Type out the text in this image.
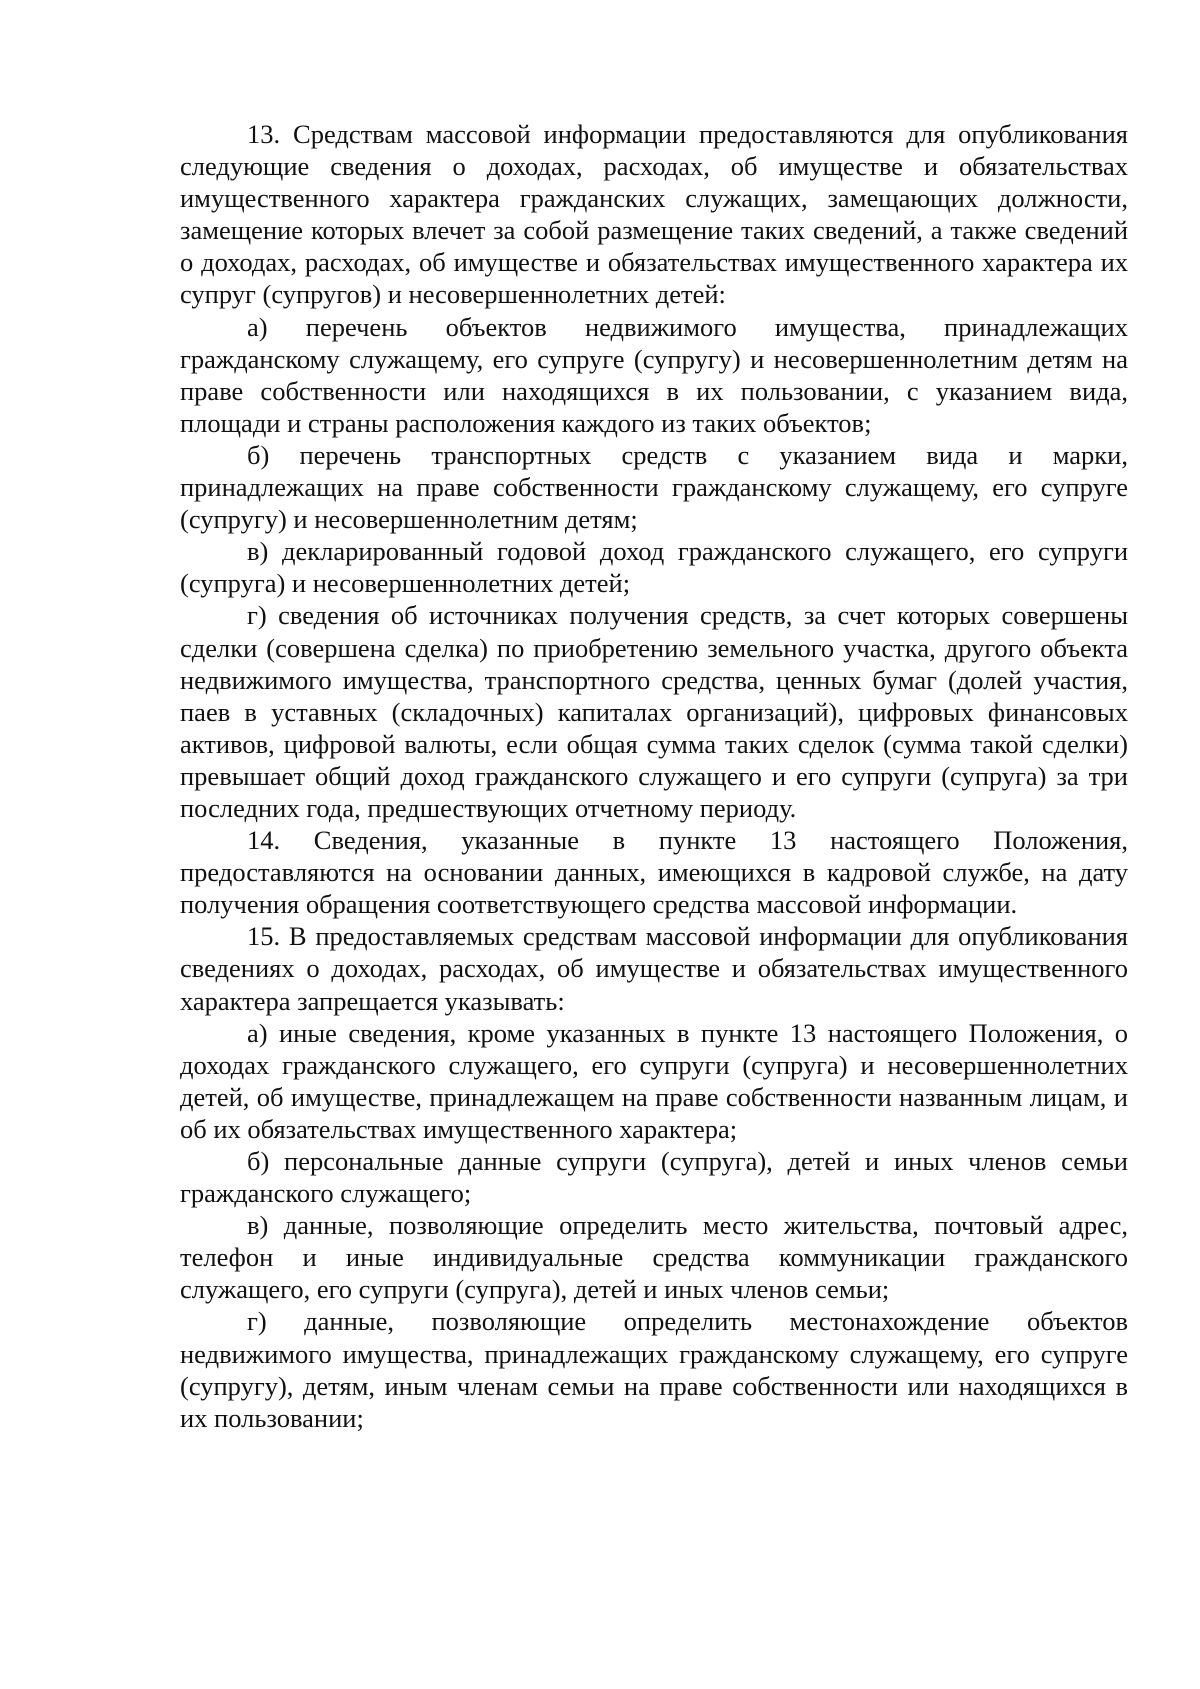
13. Средствам массовой информации предоставляются для опубликования следующие сведения о доходах, расходах, об имуществе и обязательствах имущественного характера гражданских служащих, замещающих должности, замещение которых влечет за собой размещение таких сведений, а также сведений о доходах, расходах, об имуществе и обязательствах имущественного характера их супруг (супругов) и несовершеннолетних детей:

а) перечень объектов недвижимого имущества, принадлежащих гражданскому служащему, его супруге (супругу) и несовершеннолетним детям на праве собственности или находящихся в их пользовании, с указанием вида, площади и страны расположения каждого из таких объектов;

б) перечень транспортных средств с указанием вида и марки, принадлежащих на праве собственности гражданскому служащему, его супруге (супругу) и несовершеннолетним детям;

в) декларированный годовой доход гражданского служащего, его супруги (супруга) и несовершеннолетних детей;

г) сведения об источниках получения средств, за счет которых совершены сделки (совершена сделка) по приобретению земельного участка, другого объекта недвижимого имущества, транспортного средства, ценных бумаг (долей участия, паев в уставных (складочных) капиталах организаций), цифровых финансовых активов, цифровой валюты, если общая сумма таких сделок (сумма такой сделки) превышает общий доход гражданского служащего и его супруги (супруга) за три последних года, предшествующих отчетному периоду.

14. Сведения, указанные в пункте 13 настоящего Положения, предоставляются на основании данных, имеющихся в кадровой службе, на дату получения обращения соответствующего средства массовой информации.

15. В предоставляемых средствам массовой информации для опубликования сведениях о доходах, расходах, об имуществе и обязательствах имущественного характера запрещается указывать:

а) иные сведения, кроме указанных в пункте 13 настоящего Положения, о доходах гражданского служащего, его супруги (супруга) и несовершеннолетних детей, об имуществе, принадлежащем на праве собственности названным лицам, и об их обязательствах имущественного характера;

б) персональные данные супруги (супруга), детей и иных членов семьи гражданского служащего;

в) данные, позволяющие определить место жительства, почтовый адрес, телефон и иные индивидуальные средства коммуникации гражданского служащего, его супруги (супруга), детей и иных членов семьи;

г) данные, позволяющие определить местонахождение объектов недвижимого имущества, принадлежащих гражданскому служащему, его супруге (супругу), детям, иным членам семьи на праве собственности или находящихся в их пользовании;
